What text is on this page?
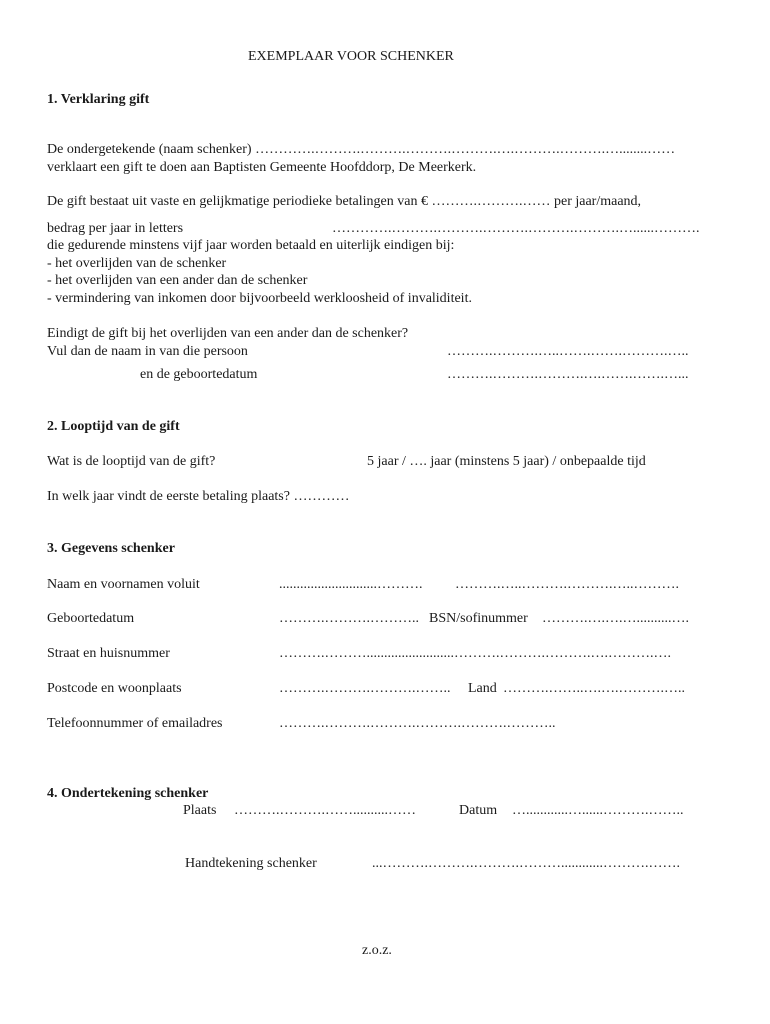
EXEMPLAAR VOOR SCHENKER
1. Verklaring gift
De ondergetekende (naam schenker) ………….……….……….……….……….….……….……….…........……
verklaart een gift te doen aan Baptisten Gemeente Hoofddorp, De Meerkerk.
De gift bestaat uit vaste en gelijkmatige periodieke betalingen van € ……….……….…… per jaar/maand,
bedrag per jaar in letters	………….……….……….……….……….……….…......……….
die gedurende minstens vijf jaar worden betaald en uiterlijk eindigen bij:
- het overlijden van de schenker
- het overlijden van een ander dan de schenker
- vermindering van inkomen door bijvoorbeeld werkloosheid of invaliditeit.
Eindigt de gift bij het overlijden van een ander dan de schenker?
Vul dan de naam in van die persoon	……….……….…..…….…….……….…..
en de geboortedatum	……….……….……….….…….…….…...
2. Looptijd van de gift
Wat is de looptijd van de gift?	5 jaar / …. jaar (minstens 5 jaar) / onbepaalde tijd
In welk jaar vindt de eerste betaling plaats? …………
3. Gegevens schenker
Naam en voornamen voluit	............................………. ……….…..……….……….…..……….
Geboortedatum	……….……….……….. BSN/sofinummer ……….….….…..........….
Straat en huisnummer	……….……….........................……….……….……….….……….….
Postcode en woonplaats	……….……….……….…….. Land ……….……..….….……….…..
Telefoonnummer of emailadres	……….……….……….……….……….………..
4. Ondertekening schenker
Plaats ……….……….……..........……	Datum …............…......……….……..
Handtekening schenker	...……….……….……….………............……….…….
z.o.z.
